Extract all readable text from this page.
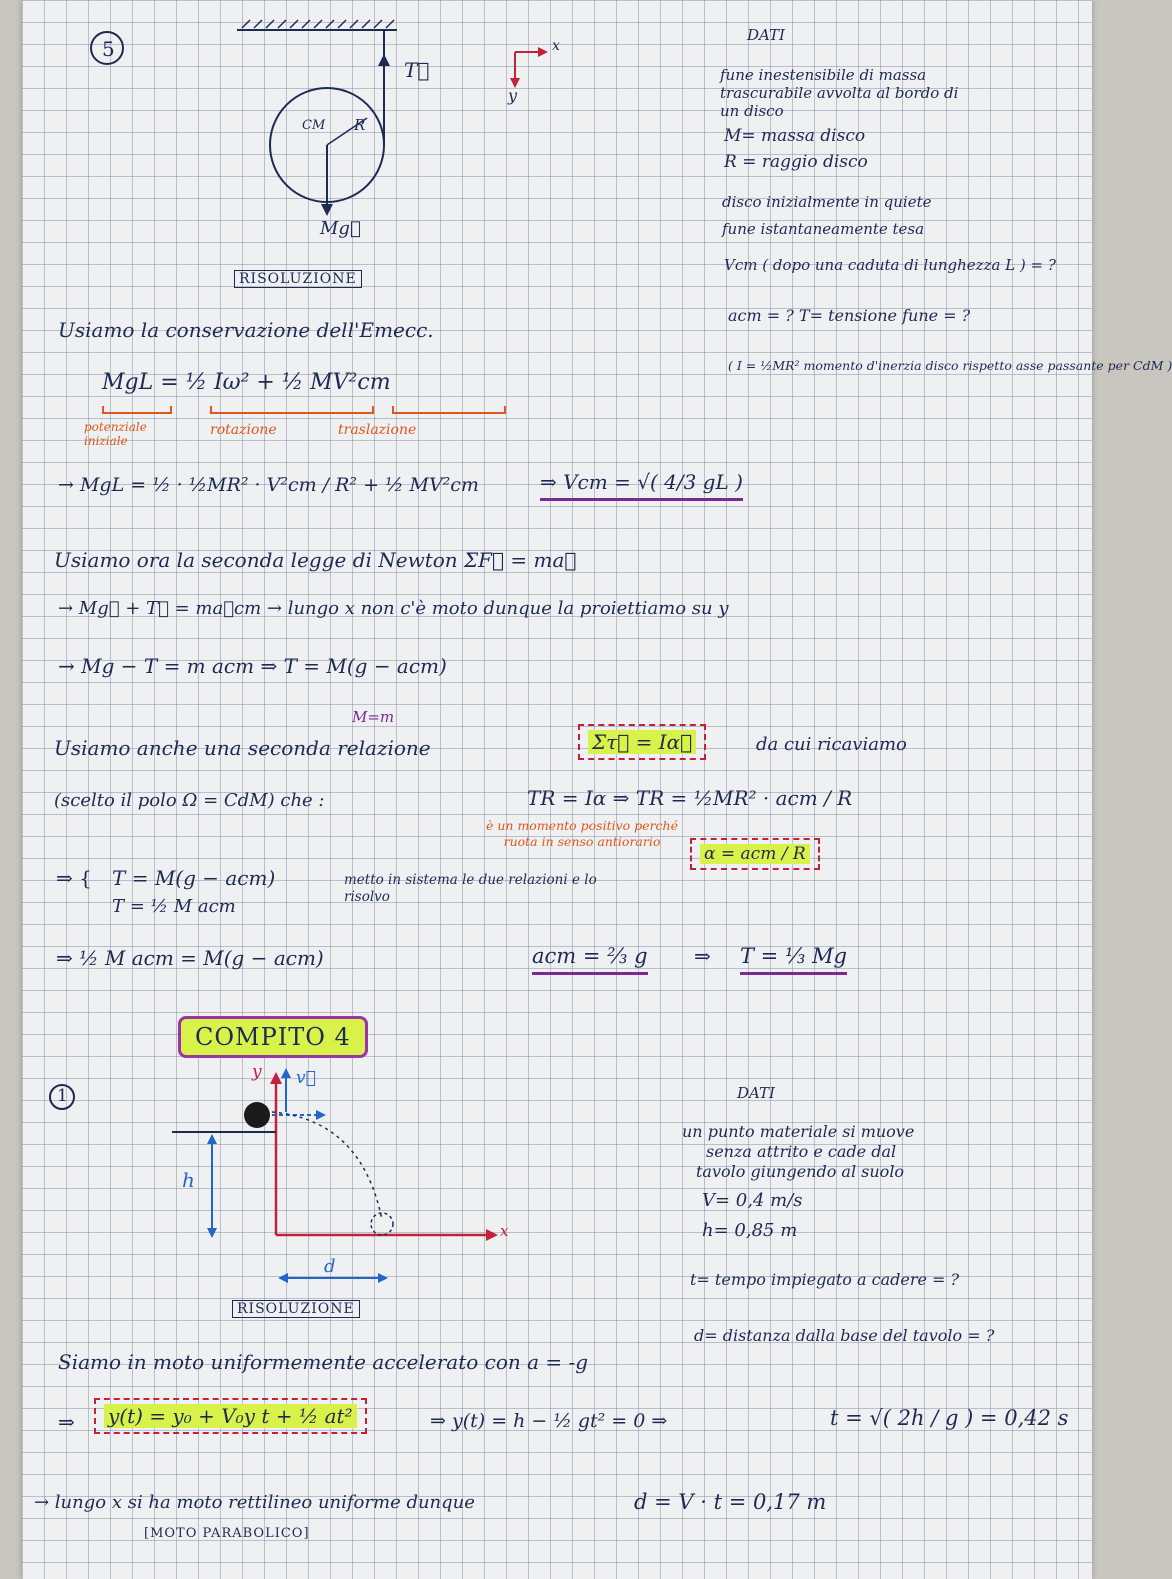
5
T⃗
CM R
Mg⃗
x
y
DATI
fune inestensibile di massa
trascurabile avvolta al bordo di
un disco
M= massa disco
R = raggio disco
disco inizialmente in quiete
fune istantaneamente tesa
Vcm ( dopo una caduta di lunghezza L ) = ?
acm = ? T= tensione fune = ?
( I = ½MR² momento d'inerzia disco rispetto asse passante per CdM )
RISOLUZIONE
Usiamo la conservazione dell'Emecc.
MgL = ½ Iω² + ½ MV²cm
potenziale iniziale
rotazione	traslazione
→ MgL = ½ · ½MR² · V²cm / R² + ½ MV²cm	⇒ Vcm = √( 4/3 gL )
Usiamo ora la seconda legge di Newton ΣF⃗ = ma⃗
→ Mg⃗ + T⃗ = ma⃗cm → lungo x non c'è moto dunque la proiettiamo su y
→ Mg − T = m acm ⇒ T = M(g − acm)
M=m
Usiamo anche una seconda relazione	Στ⃗ = Iα⃗	da cui ricaviamo
(scelto il polo Ω = CdM) che :	TR = Iα ⇒ TR = ½MR² · acm / R
è un momento positivo perché ruota in senso antiorario
α = acm / R
⇒ { T = M(g − acm)
T = ½ M acm
metto in sistema le due relazioni e lo risolvo
⇒ ½ M acm = M(g − acm)	acm = ⅔ g ⇒ T = ⅓ Mg
COMPITO 4
1
y v⃗
x
h
d
DATI
un punto materiale si muove
senza attrito e cade dal
tavolo giungendo al suolo
V= 0,4 m/s
h= 0,85 m
t= tempo impiegato a cadere = ?
d= distanza dalla base del tavolo = ?
RISOLUZIONE
Siamo in moto uniformemente accelerato con a = -g
⇒	y(t) = y₀ + V₀y t + ½ at²	⇒ y(t) = h − ½ gt² = 0 ⇒	t = √( 2h / g ) = 0,42 s
→ lungo x si ha moto rettilineo uniforme dunque	d = V · t = 0,17 m
[MOTO PARABOLICO]
